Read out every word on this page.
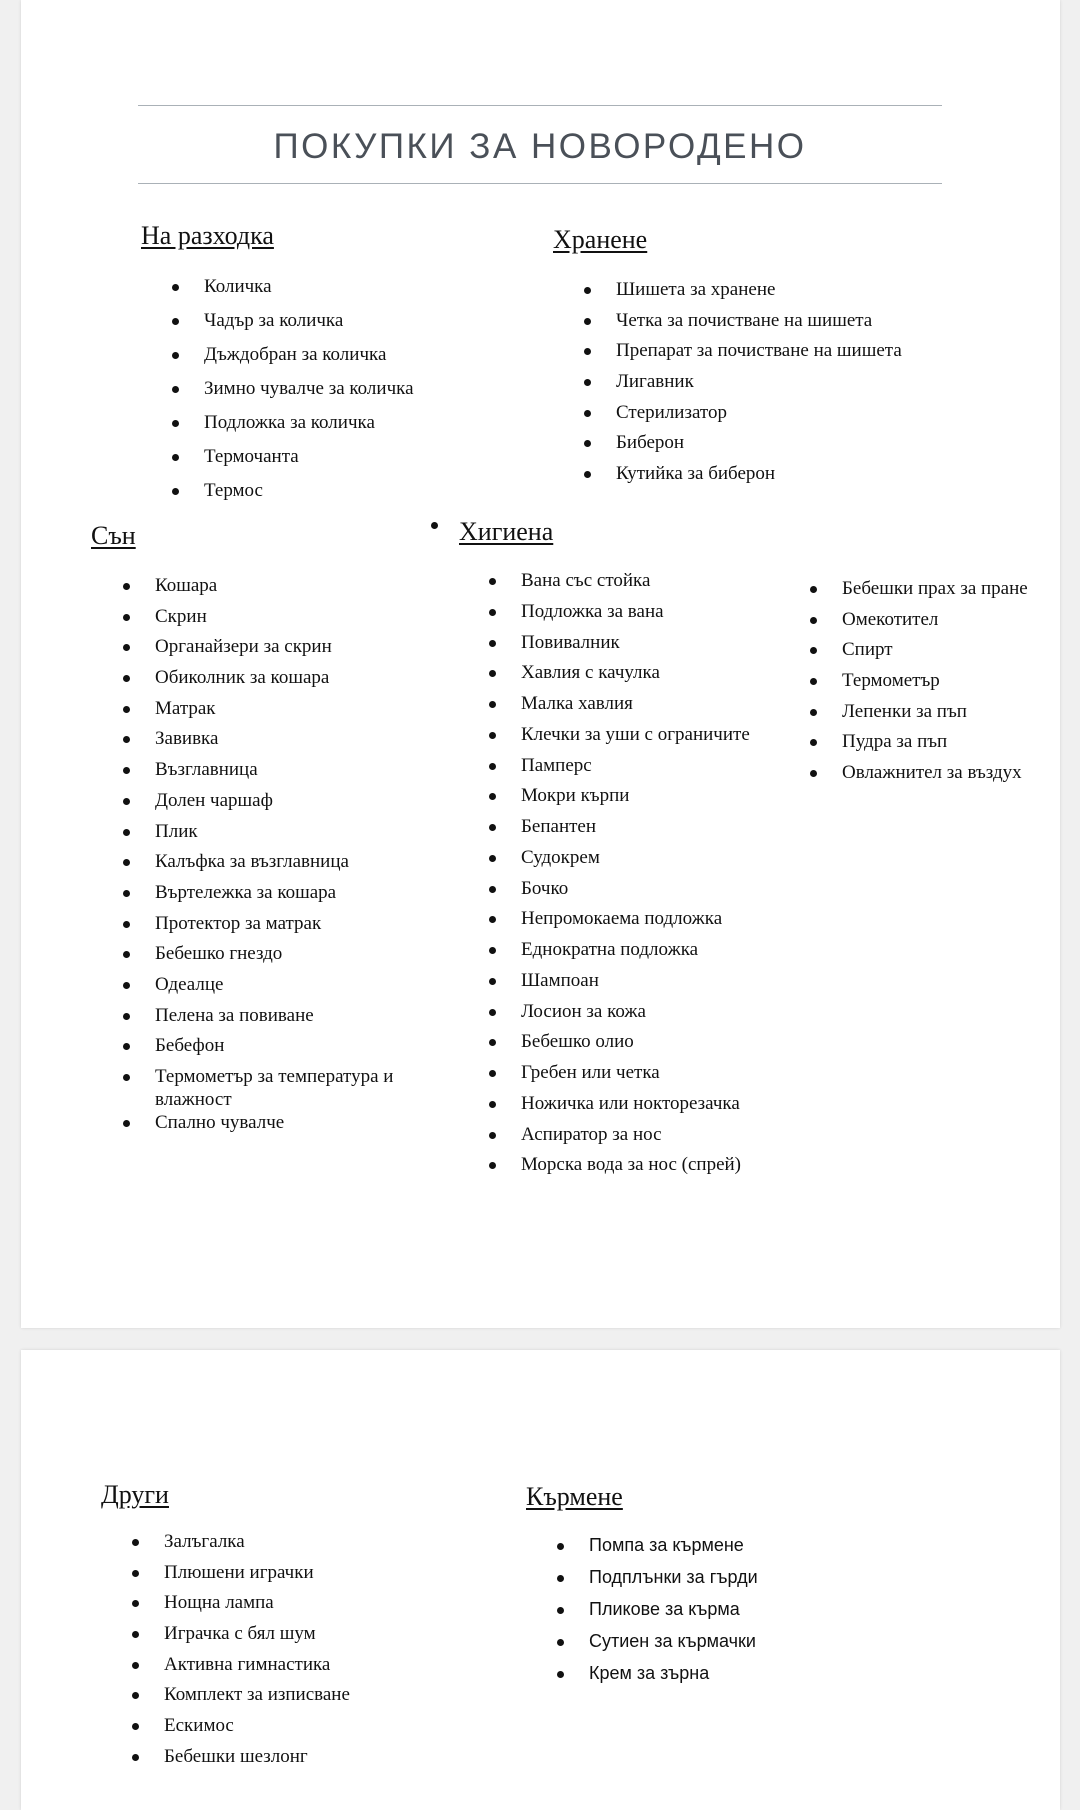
ПОКУПКИ ЗА НОВОРОДЕНО
На разходка
Количка
Чадър за количка
Дъждобран за количка
Зимно чувалче за количка
Подложка за количка
Термочанта
Термос
Хранене
Шишета за хранене
Четка за почистване на шишета
Препарат за почистване на шишета
Лигавник
Стерилизатор
Биберон
Кутийка за биберон
Сън
Кошара
Скрин
Органайзери за скрин
Обиколник за кошара
Матрак
Завивка
Възглавница
Долен чаршаф
Плик
Калъфка за възглавница
Въртележка за кошара
Протектор за матрак
Бебешко гнездо
Одеалце
Пелена за повиване
Бебефон
Термометър за температура и влажност
Спално чувалче
Хигиена
Вана със стойка
Подложка за вана
Повивалник
Хавлия с качулка
Малка хавлия
Клечки за уши с ограничите
Памперс
Мокри кърпи
Бепантен
Судокрем
Бочко
Непромокаема подложка
Еднократна подложка
Шампоан
Лосион за кожа
Бебешко олио
Гребен или четка
Ножичка или нокторезачка
Аспиратор за нос
Морска вода за нос (спрей)
Бебешки прах за пране
Омекотител
Спирт
Термометър
Лепенки за пъп
Пудра за пъп
Овлажнител за въздух
Други
Залъгалка
Плюшени играчки
Нощна лампа
Играчка с бял шум
Активна гимнастика
Комплект за изписване
Ескимос
Бебешки шезлонг
Кърмене
Помпа за кърмене
Подплънки за гърди
Пликове за кърма
Сутиен за кърмачки
Крем за зърна
